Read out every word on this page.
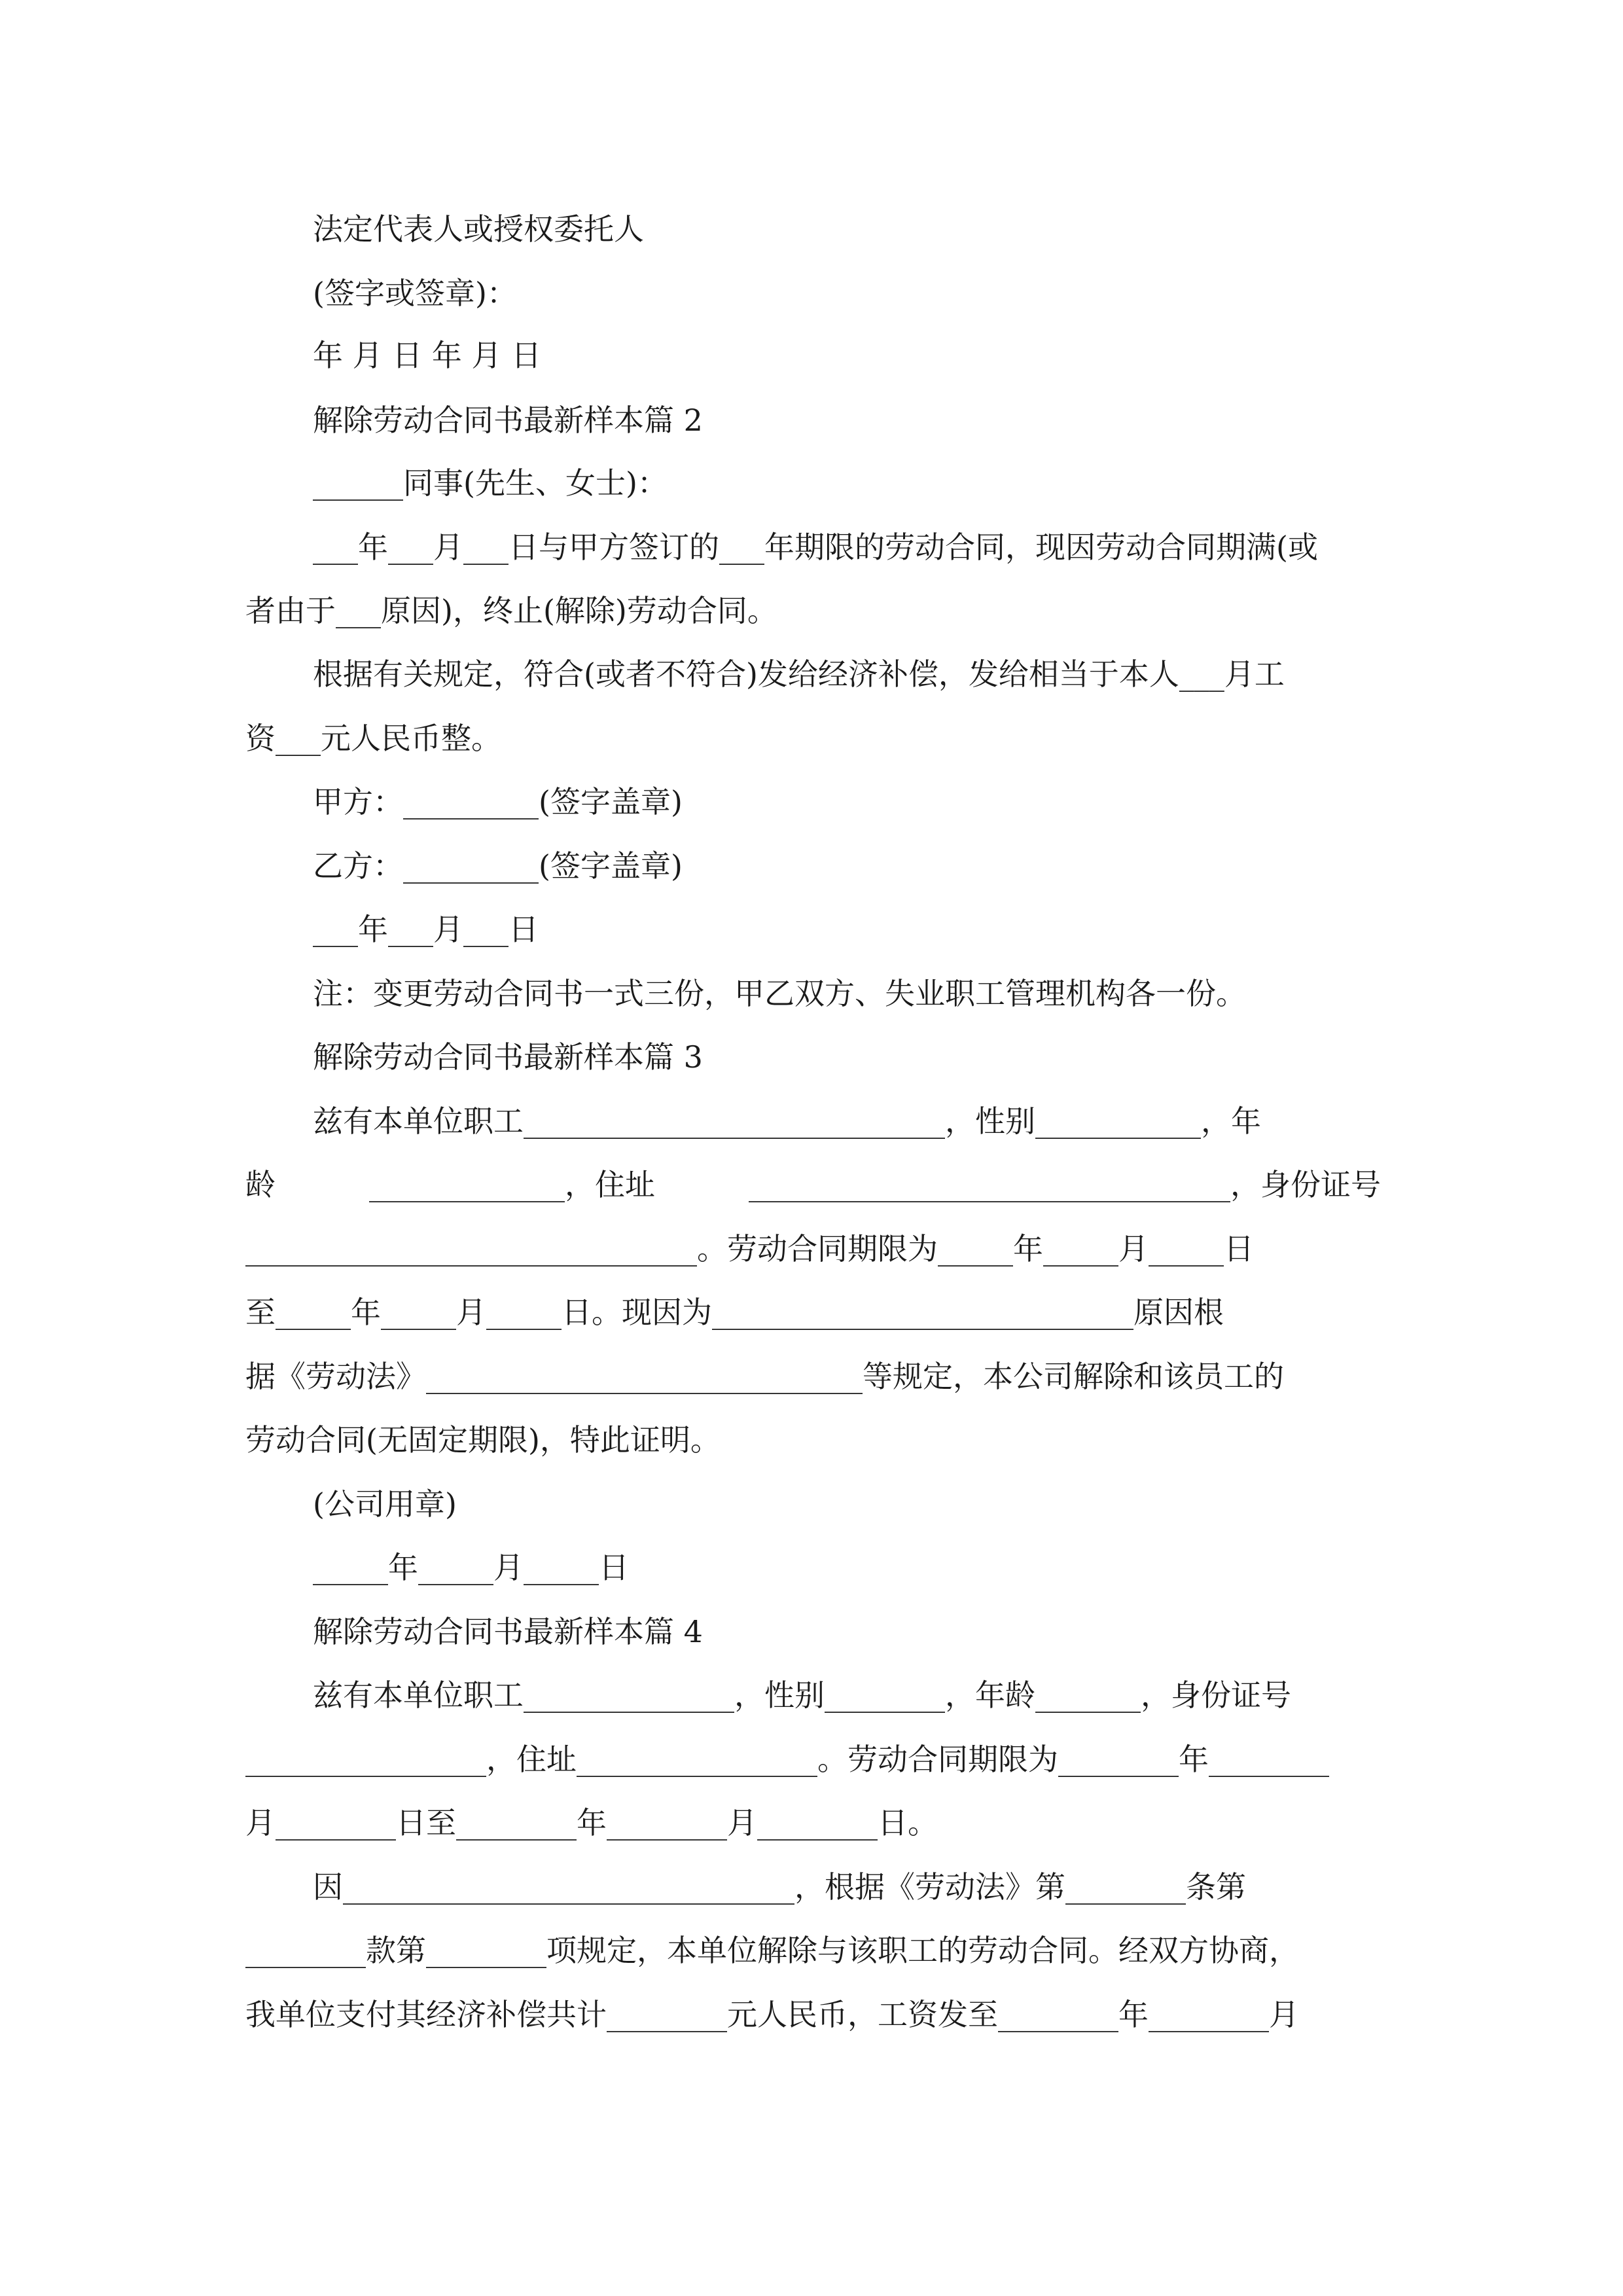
法定代表人或授权委托人
(签字或签章)：
年 月 日 年 月 日
解除劳动合同书最新样本篇 2
______同事(先生、女士)：
___年___月___日与甲方签订的___年期限的劳动合同，现因劳动合同期满(或
者由于___原因)，终止(解除)劳动合同。
根据有关规定，符合(或者不符合)发给经济补偿，发给相当于本人___月工
资___元人民币整。
甲方：_________(签字盖章)
乙方：_________(签字盖章)
___年___月___日
注：变更劳动合同书一式三份，甲乙双方、失业职工管理机构各一份。
解除劳动合同书最新样本篇 3
兹有本单位职工____________________________，性别___________，年
龄	_____________，住址	________________________________，身份证号
______________________________。劳动合同期限为_____年_____月_____日
至_____年_____月_____日。现因为____________________________原因根
据《劳动法》_____________________________等规定，本公司解除和该员工的
劳动合同(无固定期限)，特此证明。
(公司用章)
_____年_____月_____日
解除劳动合同书最新样本篇 4
兹有本单位职工______________，性别________，年龄_______，身份证号
________________，住址________________。劳动合同期限为________年________
月________日至________年________月________日。
因______________________________，根据《劳动法》第________条第
________款第________项规定，本单位解除与该职工的劳动合同。经双方协商，
我单位支付其经济补偿共计________元人民币，工资发至________年________月
